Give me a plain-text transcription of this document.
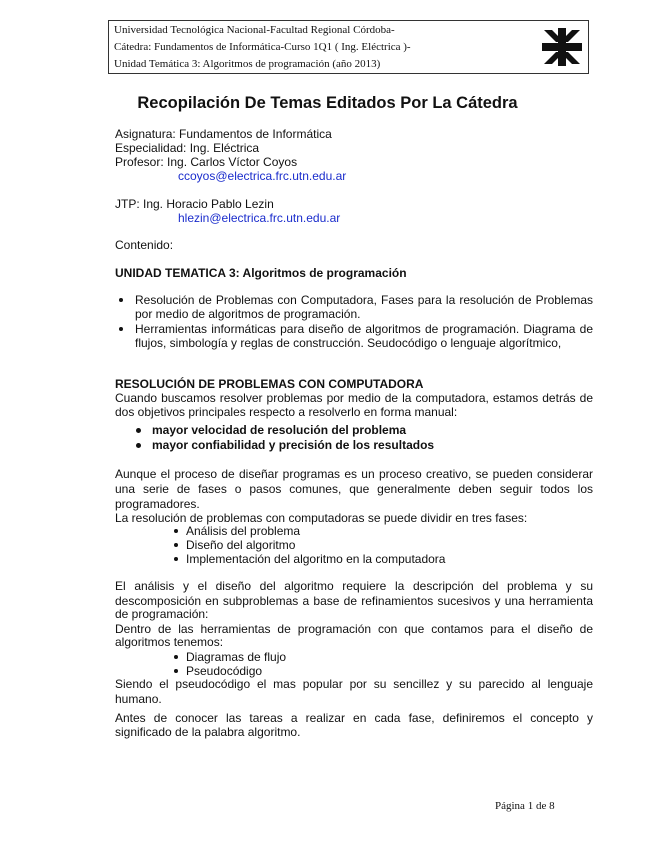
Universidad Tecnológica Nacional-Facultad Regional Córdoba-
Cátedra: Fundamentos de Informática-Curso 1Q1 ( Ing. Eléctrica )-
Unidad Temática 3: Algoritmos de programación (año 2013)
Recopilación De Temas Editados Por La Cátedra
Asignatura: Fundamentos de Informática
Especialidad: Ing. Eléctrica
Profesor: Ing. Carlos Víctor Coyos
ccoyos@electrica.frc.utn.edu.ar
JTP: Ing. Horacio Pablo Lezin
hlezin@electrica.frc.utn.edu.ar
Contenido:
UNIDAD TEMATICA 3: Algoritmos de programación
Resolución de Problemas con Computadora, Fases para la resolución de Problemas
por medio de algoritmos de programación.
Herramientas informáticas para diseño de algoritmos de programación. Diagrama de
flujos, simbología y reglas de construcción. Seudocódigo o lenguaje algorítmico,
RESOLUCIÓN DE PROBLEMAS CON COMPUTADORA
Cuando buscamos resolver problemas por medio de la computadora, estamos detrás de
dos objetivos principales respecto a resolverlo en forma manual:
mayor velocidad de resolución del problema
mayor confiabilidad y precisión de los resultados
Aunque el proceso de diseñar programas es un proceso creativo, se pueden considerar
una serie de fases o pasos comunes, que generalmente deben seguir todos los
programadores.
La resolución de problemas con computadoras se puede dividir en tres fases:
Análisis del problema
Diseño del algoritmo
Implementación del algoritmo en la computadora
El análisis y el diseño del algoritmo requiere la descripción del problema y su
descomposición en subproblemas a base de refinamientos sucesivos y una herramienta
de programación:
Dentro de las herramientas de programación con que contamos para el diseño de
algoritmos tenemos:
Diagramas de flujo
Pseudocódigo
Siendo el pseudocódigo el mas popular por su sencillez y su parecido al lenguaje
humano.
Antes de conocer las tareas a realizar en cada fase, definiremos el concepto y
significado de la palabra algoritmo.
Página 1 de 8
